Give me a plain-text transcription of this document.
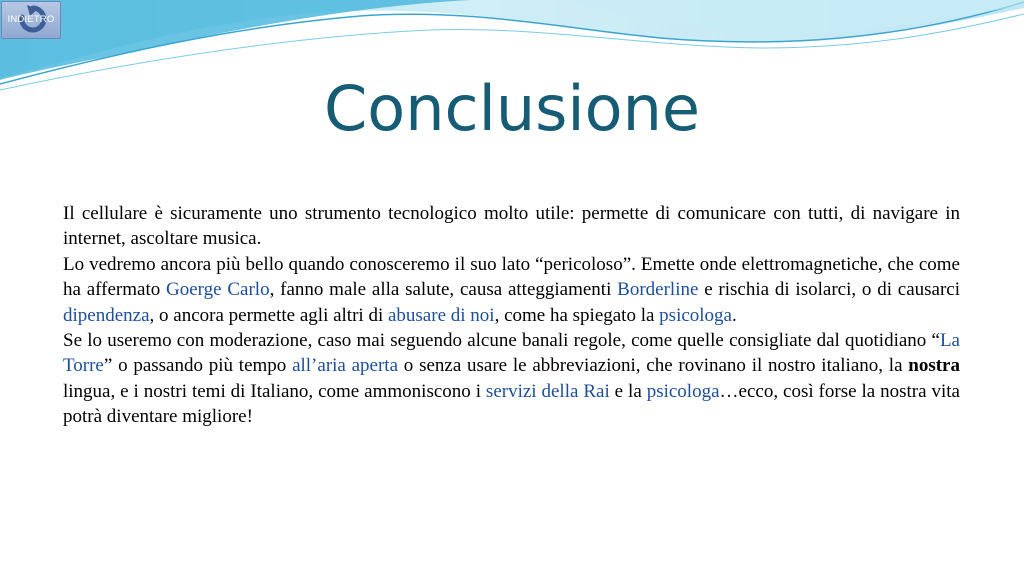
INDIETRO
Conclusione

Il cellulare è sicuramente uno strumento tecnologico molto utile: permette di comunicare con tutti, di navigare in internet, ascoltare musica.

Lo vedremo ancora più bello quando conosceremo il suo lato “pericoloso”. Emette onde elettromagnetiche, che come ha affermato Goerge Carlo, fanno male alla salute, causa atteggiamenti Borderline e rischia di isolarci, o di causarci dipendenza, o ancora permette agli altri di abusare di noi, come ha spiegato la psicologa.

Se lo useremo con moderazione, caso mai seguendo alcune banali regole, come quelle consigliate dal quotidiano “La Torre” o passando più tempo all’aria aperta o senza usare le abbreviazioni, che rovinano il nostro italiano, la nostra lingua, e i nostri temi di Italiano, come ammoniscono i servizi della Rai e la psicologa…ecco, così forse la nostra vita potrà diventare migliore!
